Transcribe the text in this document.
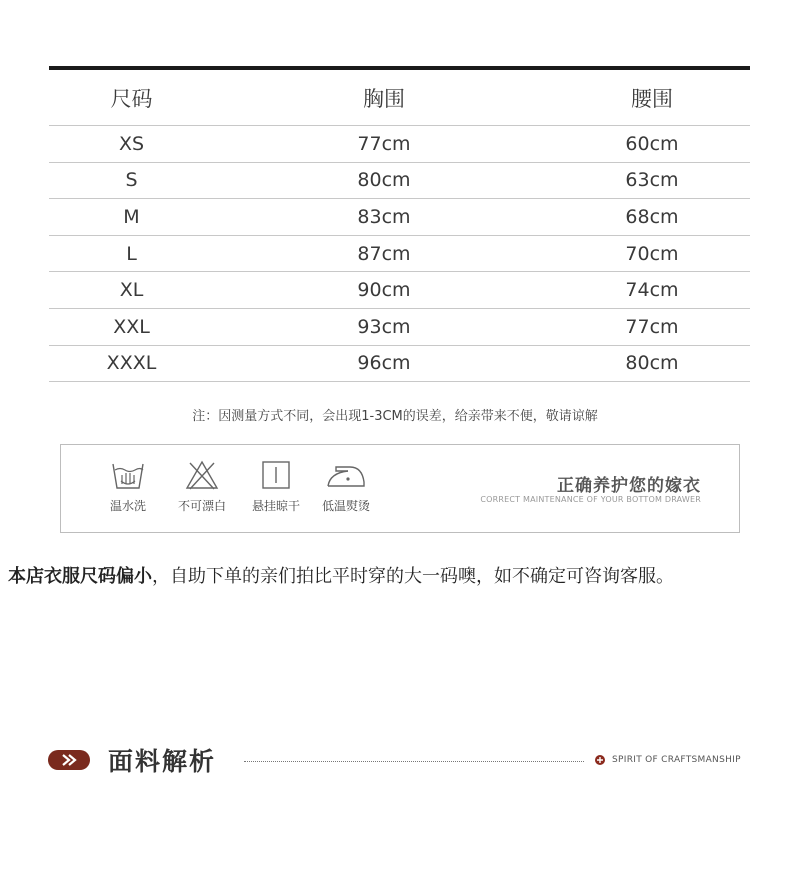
尺码	胸围	腰围
XS	77cm	60cm
S	80cm	63cm
M	83cm	68cm
L	87cm	70cm
XL	90cm	74cm
XXL	93cm	77cm
XXXL	96cm	80cm
注：因测量方式不同，会出现1-3CM的误差，给亲带来不便，敬请谅解
温水洗	不可漂白	悬挂晾干	低温熨烫
正确养护您的嫁衣
CORRECT MAINTENANCE OF YOUR BOTTOM DRAWER
本店衣服尺码偏小，自助下单的亲们拍比平时穿的大一码噢，如不确定可咨询客服。
面料解析	SPIRIT OF CRAFTSMANSHIP
